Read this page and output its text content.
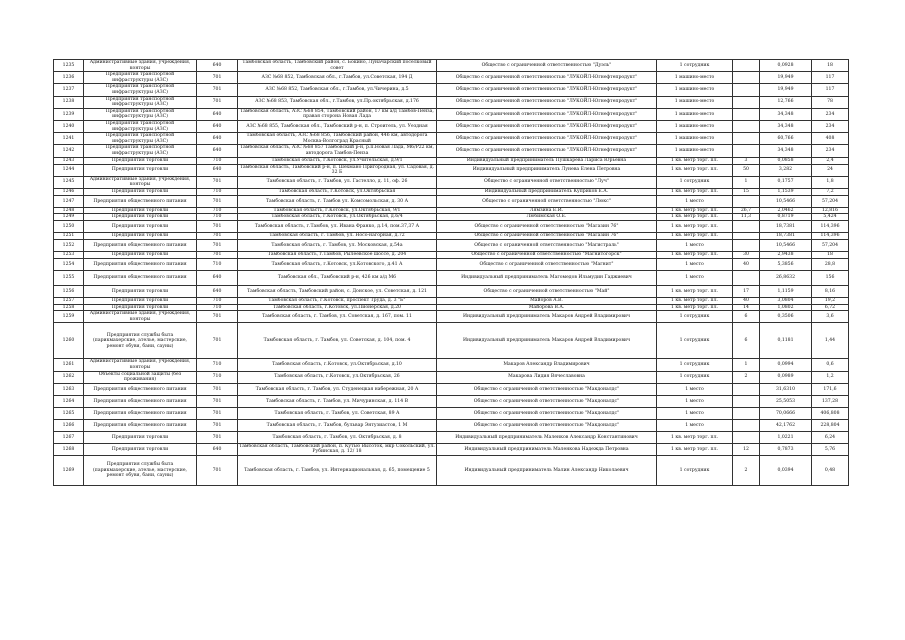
1235	Административные здания, учреждения, конторы	640	Тамбовская область, Тамбовский район, с. Бокино, Луначарский поселковый совет	Общество с ограниченной ответственностью "Дуэль"	1 сотрудник		0,0928	18
1236	Предприятия транспортной инфраструктуры (АЗС)	701	АЗС №68 852, Тамбовская обл., г.Тамбов, ул.Советская, 194 Д	Общество с ограниченной ответственностью "ЛУКОЙЛ-Югнефтепродукт"	1 машино-место		19,949	117
1237	Предприятия транспортной инфраструктуры (АЗС)	701	АЗС №68 852, Тамбовская обл., г.Тамбов, ул.Чичерина, д.5	Общество с ограниченной ответственностью "ЛУКОЙЛ-Югнефтепродукт"	1 машино-место		19,949	117
1238	Предприятия транспортной инфраструктуры (АЗС)	701	АЗС №68 853, Тамбовская обл., г.Тамбов, ул.Пр.октябрьская, д.176	Общество с ограниченной ответственностью "ЛУКОЙЛ-Югнефтепродукт"	1 машино-место		12,766	78
1239	Предприятия транспортной инфраструктуры (АЗС)	640	Тамбовская область, АЗС №68 854, Тамбовский район, 17 км а/д Тамбов-Пенза, правая сторона Новая Лада	Общество с ограниченной ответственностью "ЛУКОЙЛ-Югнефтепродукт"	1 машино-место		34,348	234
1240	Предприятия транспортной инфраструктуры (АЗС)	640	АЗС №68 855, Тамбовская обл., Тамбовский р-н, п. Строитель, ул. Уездная	Общество с ограниченной ответственностью "ЛУКОЙЛ-Югнефтепродукт"	1 машино-место		34,348	234
1241	Предприятия транспортной инфраструктуры (АЗС)	640	Тамбовская область, АЗС №68 856, Тамбовский район, 446 км, автодорога Москва-Волгоград Красный	Общество с ограниченной ответственностью "ЛУКОЙЛ-Югнефтепродукт"	1 машино-место		60,766	408
1242	Предприятия транспортной инфраструктуры (АЗС)	640	Тамбовская область, АЗС №68 857 Тамбовский р-н, р.п.Новая Лада, М6/Р22 км, автодорога Тамбов-Пенза	Общество с ограниченной ответственностью "ЛУКОЙЛ-Югнефтепродукт"	1 машино-место		34,348	234
1243	Предприятия торговли	710	Тамбовская область, г.Котовск, ул.Учительская, д.9/1	Индивидуальный предприниматель Пушкарева Лариса Юрьевна	1 кв. метр торг. пл.	3	0,0858	2,4
1244	Предприятия торговли	640	Тамбовская область, Тамбовский р-н, п. Шехмано Пригородная, ул. Садовая, д. 32 Б	Индивидуальный предприниматель Лунева Елена Петровна	1 кв. метр торг. пл.	50	3,282	24
1245	Административные здания, учреждения, конторы	701	Тамбовская область, г. Тамбов, ул. Гастелло, д. 11, оф. 26	Общество с ограниченной ответственностью "Луч"	1 сотрудник	1	0,1757	1,8
1246	Предприятия торговли	710	Тамбовская область, г.Котовск, ул.Октябрьская	Индивидуальный предприниматель Куприков Е.А.	1 кв. метр торг. пл.	15	1,1539	7,2
1247	Предприятия общественного питания	701	Тамбовская область, г. Тамбов ул. Комсомольская, д. 30 А	Общество с ограниченной ответственностью "Люкс"	1 место		10,5466	57,204
1248	Предприятия торговли	710	Тамбовская область, г.Котовск, ул.Октябрьская, 9/1	Лямзина Е.И.	1 кв. метр торг. пл.	26,7	2,0462	12,816
1249	Предприятия торговли	710	Тамбовская область, г.Котовск, ул.Октябрьская, д.6/4	Любимская О.Е.	1 кв. метр торг. пл.	11,3	0,8719	5,424
1250	Предприятия торговли	701	Тамбовская область, г.Тамбов, ул. Ивана Франко, д.14, пом.37,37 А	Общество с ограниченной ответственностью "Магазин 76"	1 кв. метр торг. пл.		18,7381	114,396
1251	Предприятия торговли	701	Тамбовская область, г. Тамбов, ул. Носо-нагорная, д.72	Общество с ограниченной ответственностью "Магазин 76"	1 кв. метр торг. пл.		18,7381	114,396
1252	Предприятия общественного питания	701	Тамбовская область, г. Тамбов, ул. Московская, д.54а	Общество с ограниченной ответственностью "Магистраль"	1 место		10,5466	57,204
1253	Предприятия торговли	701	Тамбовская область, г.Тамбов, Рылеевское шоссе, д. 204	Общество с ограниченной ответственностью "Магнитогорск"	1 кв. метр торг. пл.	30	2,9438	18
1254	Предприятия общественного питания	710	Тамбовская область, г.Котовск, ул.Котовского, д.41 А	Общество с ограниченной ответственностью "Магнит"	1 место	40	5,3856	28,8
1255	Предприятия общественного питания	640	Тамбовская обл., Тамбовский р-н, 426 км а/д М6	Индивидуальный предприниматель Магомедов Ильмудин Гаджиевич	1 место		26,8632	156
1256	Предприятия торговли	640	Тамбовская область, Тамбовский район, с. Донское, ул. Советская, д. 121	Общество с ограниченной ответственностью "Май"	1 кв. метр торг. пл.	17	1,1159	8,16
1257	Предприятия торговли	710	Тамбовская область, г.Котовск, проспект Труда, д. 3 "Б"	Майоров А.В.	1 кв. метр торг. пл.	40	3,0804	19,2
1258	Предприятия торговли	710	Тамбовская область, г.Котовск, ул.Пионерская, д.20	Майорова В.А.	1 кв. метр торг. пл.	14	1,0802	6,72
1259	Административные здания, учреждения, конторы	701	Тамбовская область, г. Тамбов, ул. Советская, д. 167, пом. 11	Индивидуальный предприниматель Макаров Андрей Владимирович	1 сотрудник	6	0,3506	3,6
1260	Предприятия службы быта (парикмахерские, ателье, мастерские, ремонт обуви, бани, сауны)	701	Тамбовская область, г. Тамбов, ул. Советская, д. 104, пом. 4	Индивидуальный предприниматель Макаров Андрей Владимирович	1 сотрудник	6	0,1181	1,44
1261	Административные здания, учреждения, конторы	710	Тамбовская область, г.Котовск, ул.Октябрьская, д.10	Макаров Александр Владимирович	1 сотрудник	1	0,0994	0,6
1262	Объекты социальной защиты (без проживания)	710	Тамбовская область, г.Котовск, ул.Октябрьская, 26	Макарова Лидия Вячеславовна	1 сотрудник	2	0,0989	1,2
1263	Предприятия общественного питания	701	Тамбовская область, г. Тамбов, ул. Студенецкая набережная, 20 А	Общество с ограниченной ответственностью "Макдоналдс"	1 место		31,6310	171,6
1264	Предприятия общественного питания	701	Тамбовская область, г. Тамбов, ул. Мичуринская, д. 114 В	Общество с ограниченной ответственностью "Макдоналдс"	1 место		25,5053	137,28
1265	Предприятия общественного питания	701	Тамбовская область, г. Тамбов, ул. Советская, 89 А	Общество с ограниченной ответственностью "Макдоналдс"	1 место		70,0666	406,808
1266	Предприятия общественного питания	701	Тамбовская область, г. Тамбов, бульвар Энтузиастов, 1 М	Общество с ограниченной ответственностью "Макдоналдс"	1 место		42,1762	228,804
1267	Предприятия торговли	701	Тамбовская область, г. Тамбов, ул. Октябрьская, д. 8	Индивидуальный предприниматель Маленков Александр Константинович	1 кв. метр торг. пл.		1,0221	6,24
1268	Предприятия торговли	640	Тамбовская область, Тамбовский район, п. Кутью Высоток, мкр Сокольский, ул. Рубинская, д. 12/ 18	Индивидуальный предприниматель Маленкова Надежда Петровна	1 кв. метр торг. пл.	12	0,7873	5,76
1269	Предприятия службы быта (парикмахерские, ателье, мастерские, ремонт обуви, бани, сауны)	701	Тамбовская область, г. Тамбов, ул. Интернациональная, д. 65, помещение 5	Индивидуальный предприниматель Малин Александр Николаевич	1 сотрудник	2	0,0394	0,48
